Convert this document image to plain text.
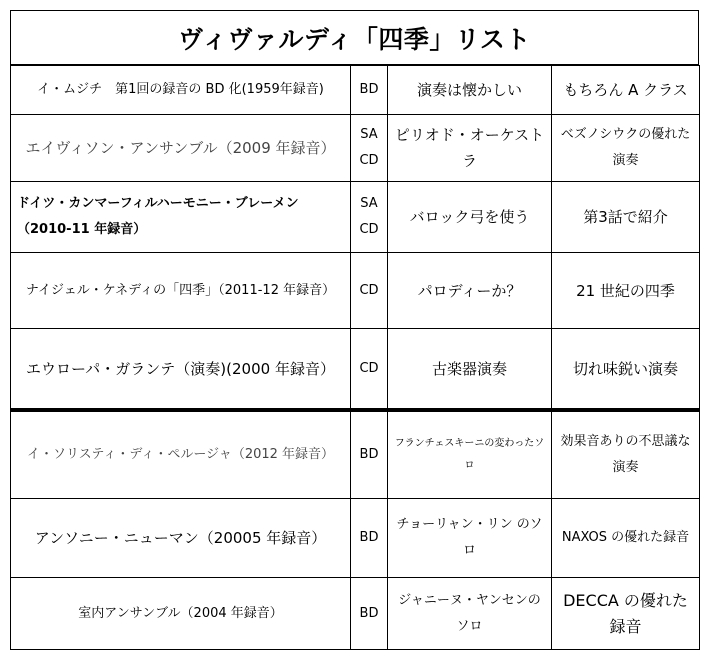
ヴィヴァルディ「四季」リスト
イ・ムジチ　第1回の録音の BD 化(1959年録音)	BD	演奏は懐かしい	もちろん A クラス
エイヴィソン・アンサンブル（2009 年録音）	SA CD	ピリオド・オーケストラ	ベズノシウクの優れた演奏
ドイツ・カンマーフィルハーモニー・ブレーメン（2010-11 年録音）	SA CD	バロック弓を使う	第3話で紹介
ナイジェル・ケネディの「四季」（2011-12 年録音）	CD	パロディーか？	21 世紀の四季
エウローパ・ガランテ（演奏)(2000 年録音）	CD	古楽器演奏	切れ味鋭い演奏
イ・ソリスティ・ディ・ペルージャ（2012 年録音）	BD	フランチェスキーニの変わったソロ	効果音ありの不思議な演奏
アンソニー・ニューマン（20005 年録音）	BD	チョーリャン・リン のソロ	NAXOS の優れた録音
室内アンサンブル（2004 年録音）	BD	ジャニーヌ・ヤンセンのソロ	DECCA の優れた録音
